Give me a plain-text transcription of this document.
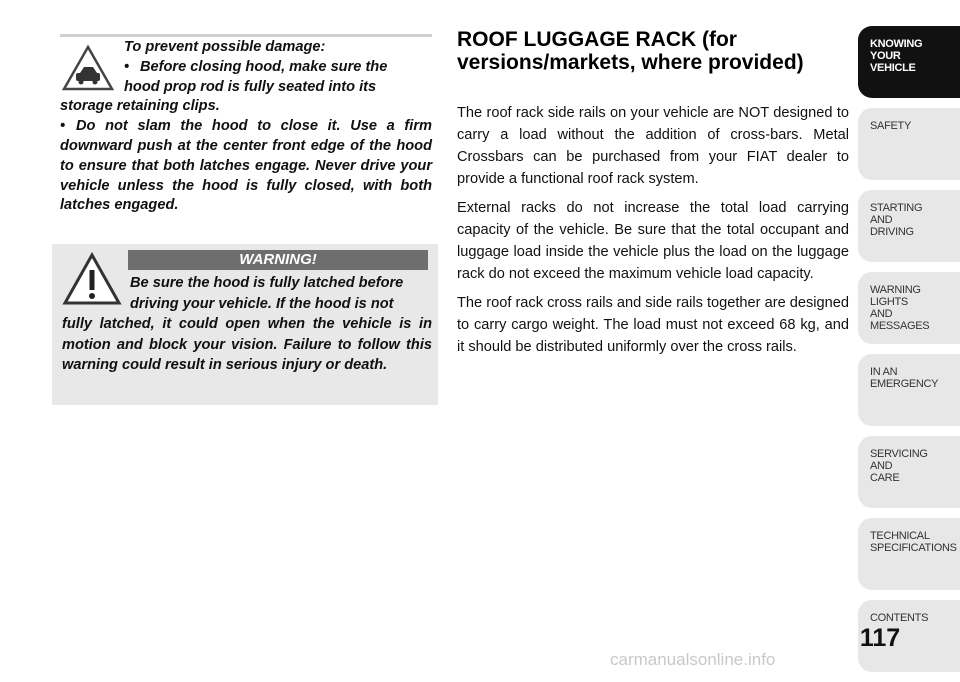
To prevent possible damage:

• Before closing hood, make sure the

hood prop rod is fully seated into its

storage retaining clips.

• Do not slam the hood to close it. Use a firm downward push at the center front edge of the hood to ensure that both latches engage. Never drive your vehicle unless the hood is fully closed, with both latches engaged.

WARNING!

Be sure the hood is fully latched before

driving your vehicle. If the hood is not

fully latched, it could open when the vehicle is in motion and block your vision. Failure to follow this warning could result in serious injury or death.

ROOF LUGGAGE RACK (for versions/markets, where provided)

The roof rack side rails on your vehicle are NOT designed to carry a load without the addition of cross-bars. Metal Crossbars can be purchased from your FIAT dealer to provide a functional roof rack system.

External racks do not increase the total load carrying capacity of the vehicle. Be sure that the total occupant and luggage load inside the vehicle plus the load on the luggage rack do not exceed the maximum vehicle load capacity.

The roof rack cross rails and side rails together are designed to carry cargo weight. The load must not exceed 68 kg, and it should be distributed uniformly over the cross rails.

KNOWING
YOUR
VEHICLE
SAFETY
STARTING
AND
DRIVING
WARNING
LIGHTS
AND
MESSAGES
IN AN
EMERGENCY
SERVICING
AND
CARE
TECHNICAL
SPECIFICATIONS
CONTENTS
117
carmanualsonline.info
